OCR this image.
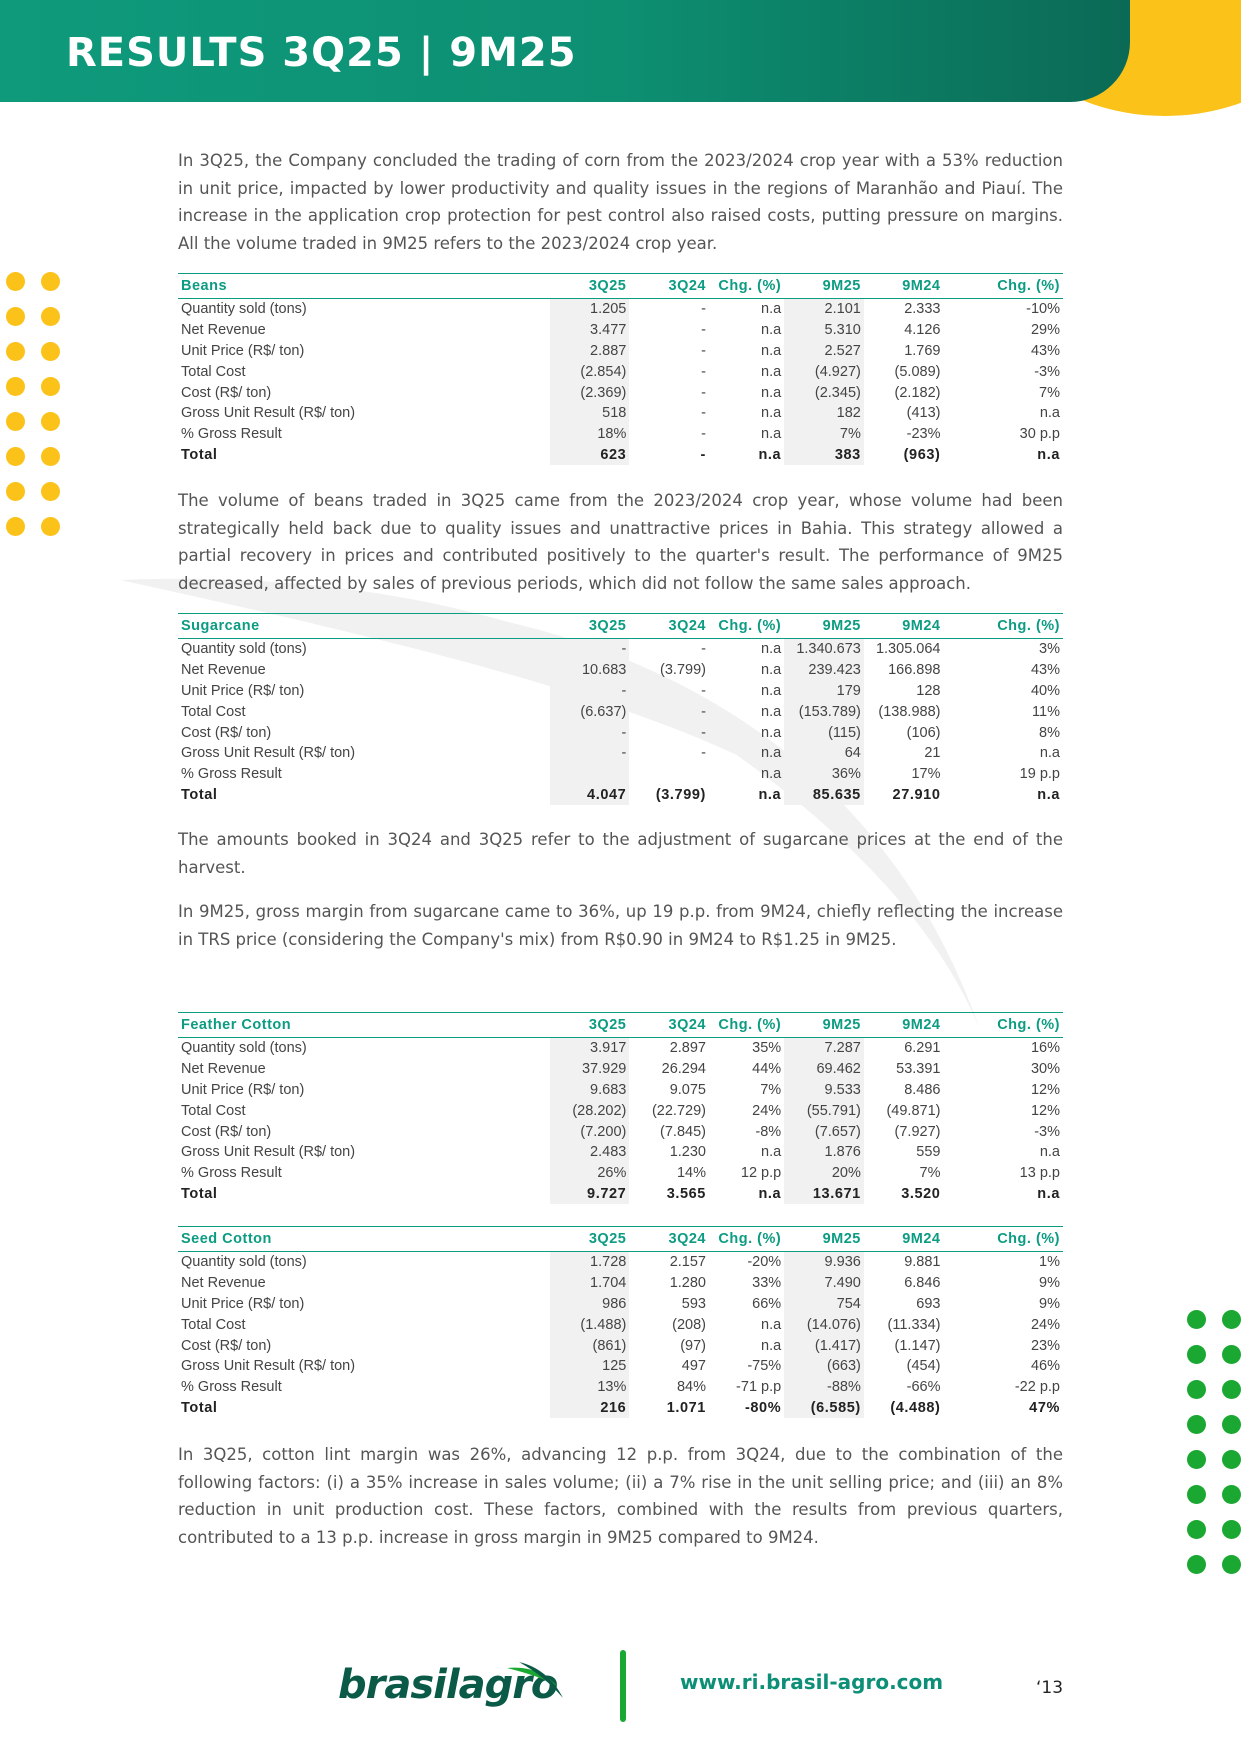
RESULTS 3Q25 | 9M25

In 3Q25, the Company concluded the trading of corn from the 2023/2024 crop year with a 53% reduction in unit price, impacted by lower productivity and quality issues in the regions of Maranhão and Piauí. The increase in the application crop protection for pest control also raised costs, putting pressure on margins. All the volume traded in 9M25 refers to the 2023/2024 crop year.

Beans	3Q25	3Q24	Chg. (%)	9M25	9M24	Chg. (%)
Quantity sold (tons)	1.205	-	n.a	2.101	2.333	-10%
Net Revenue	3.477	-	n.a	5.310	4.126	29%
Unit Price (R$/ ton)	2.887	-	n.a	2.527	1.769	43%
Total Cost	(2.854)	-	n.a	(4.927)	(5.089)	-3%
Cost (R$/ ton)	(2.369)	-	n.a	(2.345)	(2.182)	7%
Gross Unit Result (R$/ ton)	518	-	n.a	182	(413)	n.a
% Gross Result	18%	-	n.a	7%	-23%	30 p.p
Total	623	-	n.a	383	(963)	n.a

The volume of beans traded in 3Q25 came from the 2023/2024 crop year, whose volume had been strategically held back due to quality issues and unattractive prices in Bahia. This strategy allowed a partial recovery in prices and contributed positively to the quarter's result. The performance of 9M25 decreased, affected by sales of previous periods, which did not follow the same sales approach.

Sugarcane	3Q25	3Q24	Chg. (%)	9M25	9M24	Chg. (%)
Quantity sold (tons)	-	-	n.a	1.340.673	1.305.064	3%
Net Revenue	10.683	(3.799)	n.a	239.423	166.898	43%
Unit Price (R$/ ton)	-	-	n.a	179	128	40%
Total Cost	(6.637)	-	n.a	(153.789)	(138.988)	11%
Cost (R$/ ton)	-	-	n.a	(115)	(106)	8%
Gross Unit Result (R$/ ton)	-	-	n.a	64	21	n.a
% Gross Result			n.a	36%	17%	19 p.p
Total	4.047	(3.799)	n.a	85.635	27.910	n.a

The amounts booked in 3Q24 and 3Q25 refer to the adjustment of sugarcane prices at the end of the harvest.

In 9M25, gross margin from sugarcane came to 36%, up 19 p.p. from 9M24, chiefly reflecting the increase in TRS price (considering the Company's mix) from R$0.90 in 9M24 to R$1.25 in 9M25.

Feather Cotton	3Q25	3Q24	Chg. (%)	9M25	9M24	Chg. (%)
Quantity sold (tons)	3.917	2.897	35%	7.287	6.291	16%
Net Revenue	37.929	26.294	44%	69.462	53.391	30%
Unit Price (R$/ ton)	9.683	9.075	7%	9.533	8.486	12%
Total Cost	(28.202)	(22.729)	24%	(55.791)	(49.871)	12%
Cost (R$/ ton)	(7.200)	(7.845)	-8%	(7.657)	(7.927)	-3%
Gross Unit Result (R$/ ton)	2.483	1.230	n.a	1.876	559	n.a
% Gross Result	26%	14%	12 p.p	20%	7%	13 p.p
Total	9.727	3.565	n.a	13.671	3.520	n.a
Seed Cotton	3Q25	3Q24	Chg. (%)	9M25	9M24	Chg. (%)
Quantity sold (tons)	1.728	2.157	-20%	9.936	9.881	1%
Net Revenue	1.704	1.280	33%	7.490	6.846	9%
Unit Price (R$/ ton)	986	593	66%	754	693	9%
Total Cost	(1.488)	(208)	n.a	(14.076)	(11.334)	24%
Cost (R$/ ton)	(861)	(97)	n.a	(1.417)	(1.147)	23%
Gross Unit Result (R$/ ton)	125	497	-75%	(663)	(454)	46%
% Gross Result	13%	84%	-71 p.p	-88%	-66%	-22 p.p
Total	216	1.071	-80%	(6.585)	(4.488)	47%

In 3Q25, cotton lint margin was 26%, advancing 12 p.p. from 3Q24, due to the combination of the following factors: (i) a 35% increase in sales volume; (ii) a 7% rise in the unit selling price; and (iii) an 8% reduction in unit production cost. These factors, combined with the results from previous quarters, contributed to a 13 p.p. increase in gross margin in 9M25 compared to 9M24.

brasilagro	www.ri.brasil-agro.com	‘13
